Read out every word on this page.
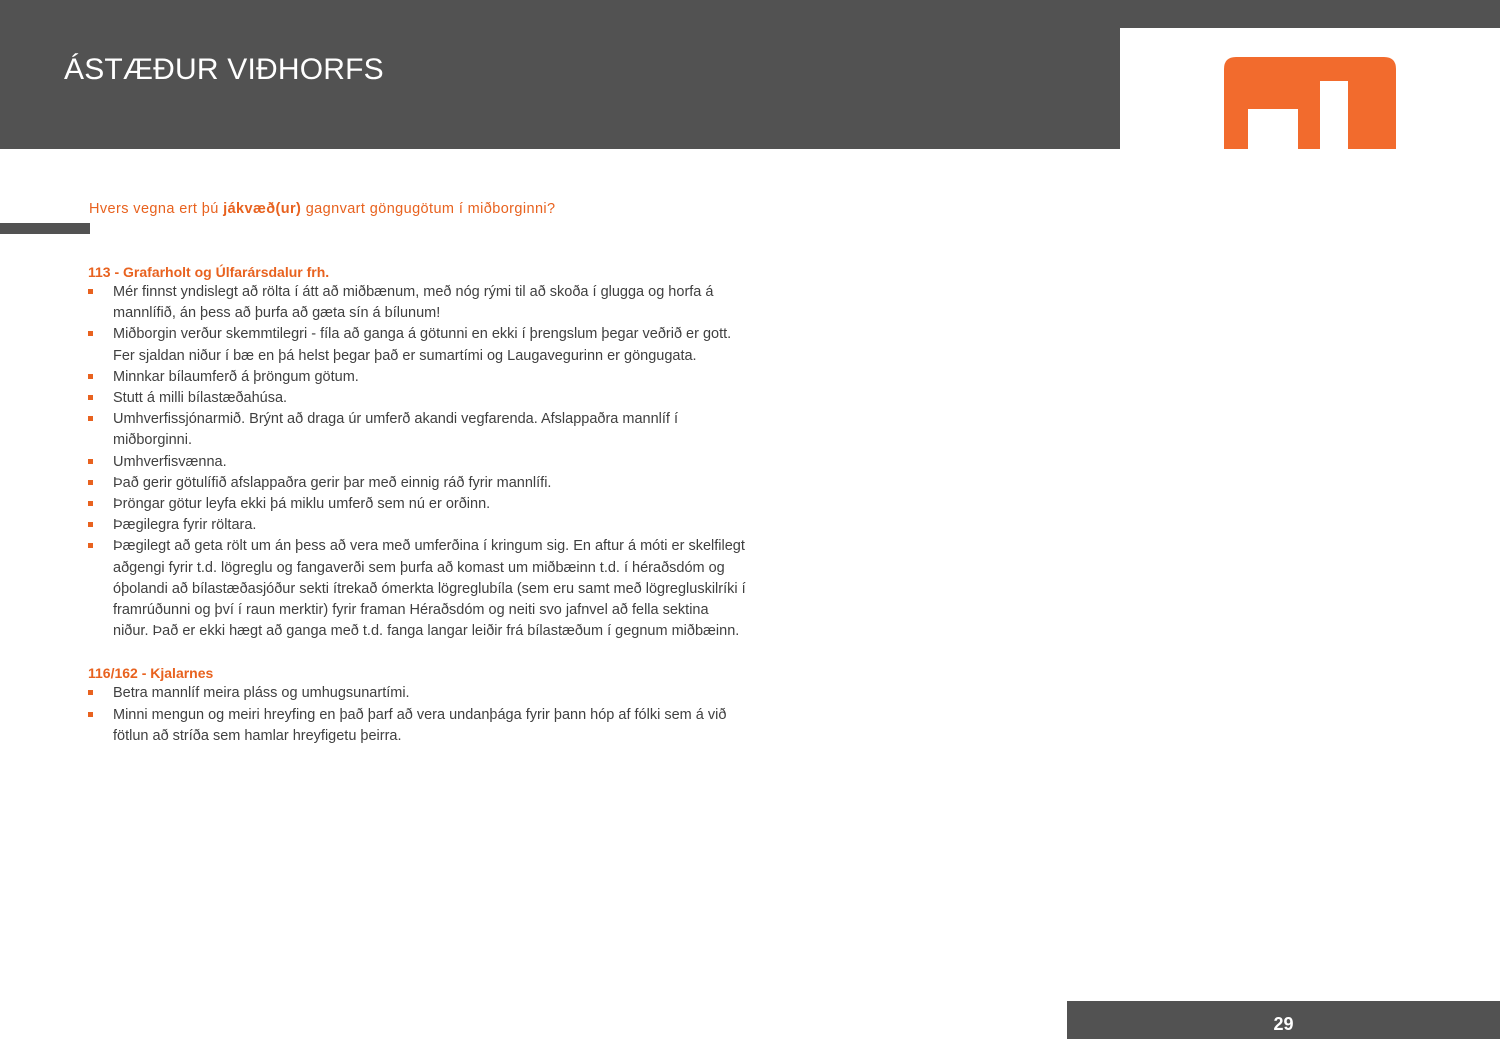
ÁSTÆÐUR VIÐHORFS

Hvers vegna ert þú jákvæð(ur) gagnvart göngugötum í miðborginni?

113 - Grafarholt og Úlfarársdalur frh.
Mér finnst yndislegt að rölta í átt að miðbænum, með nóg rými til að skoða í glugga og horfa á mannlífið, án þess að þurfa að gæta sín á bílunum!
Miðborgin verður skemmtilegri - fíla að ganga á götunni en ekki í þrengslum þegar veðrið er gott. Fer sjaldan niður í bæ en þá helst þegar það er sumartími og Laugavegurinn er göngugata.
Minnkar bílaumferð á þröngum götum.
Stutt á milli bílastæðahúsa.
Umhverfissjónarmið. Brýnt að draga úr umferð akandi vegfarenda. Afslappaðra mannlíf í miðborginni.
Umhverfisvænna.
Það gerir götulífið afslappaðra gerir þar með einnig ráð fyrir mannlífi.
Þröngar götur leyfa ekki þá miklu umferð sem nú er orðinn.
Þægilegra fyrir röltara.
Þægilegt að geta rölt um án þess að vera með umferðina í kringum sig. En aftur á móti er skelfilegt aðgengi fyrir t.d. lögreglu og fangaverði sem þurfa að komast um miðbæinn t.d. í héraðsdóm og óþolandi að bílastæðasjóður sekti ítrekað ómerkta lögreglubíla (sem eru samt með lögregluskilríki í framrúðunni og því í raun merktir) fyrir framan Héraðsdóm og neiti svo jafnvel að fella sektina niður. Það er ekki hægt að ganga með t.d. fanga langar leiðir frá bílastæðum í gegnum miðbæinn.
116/162 - Kjalarnes
Betra mannlíf meira pláss og umhugsunartími.
Minni mengun og meiri hreyfing en það þarf að vera undanþága fyrir þann hóp af fólki sem á við fötlun að stríða sem hamlar hreyfigetu þeirra.
29
